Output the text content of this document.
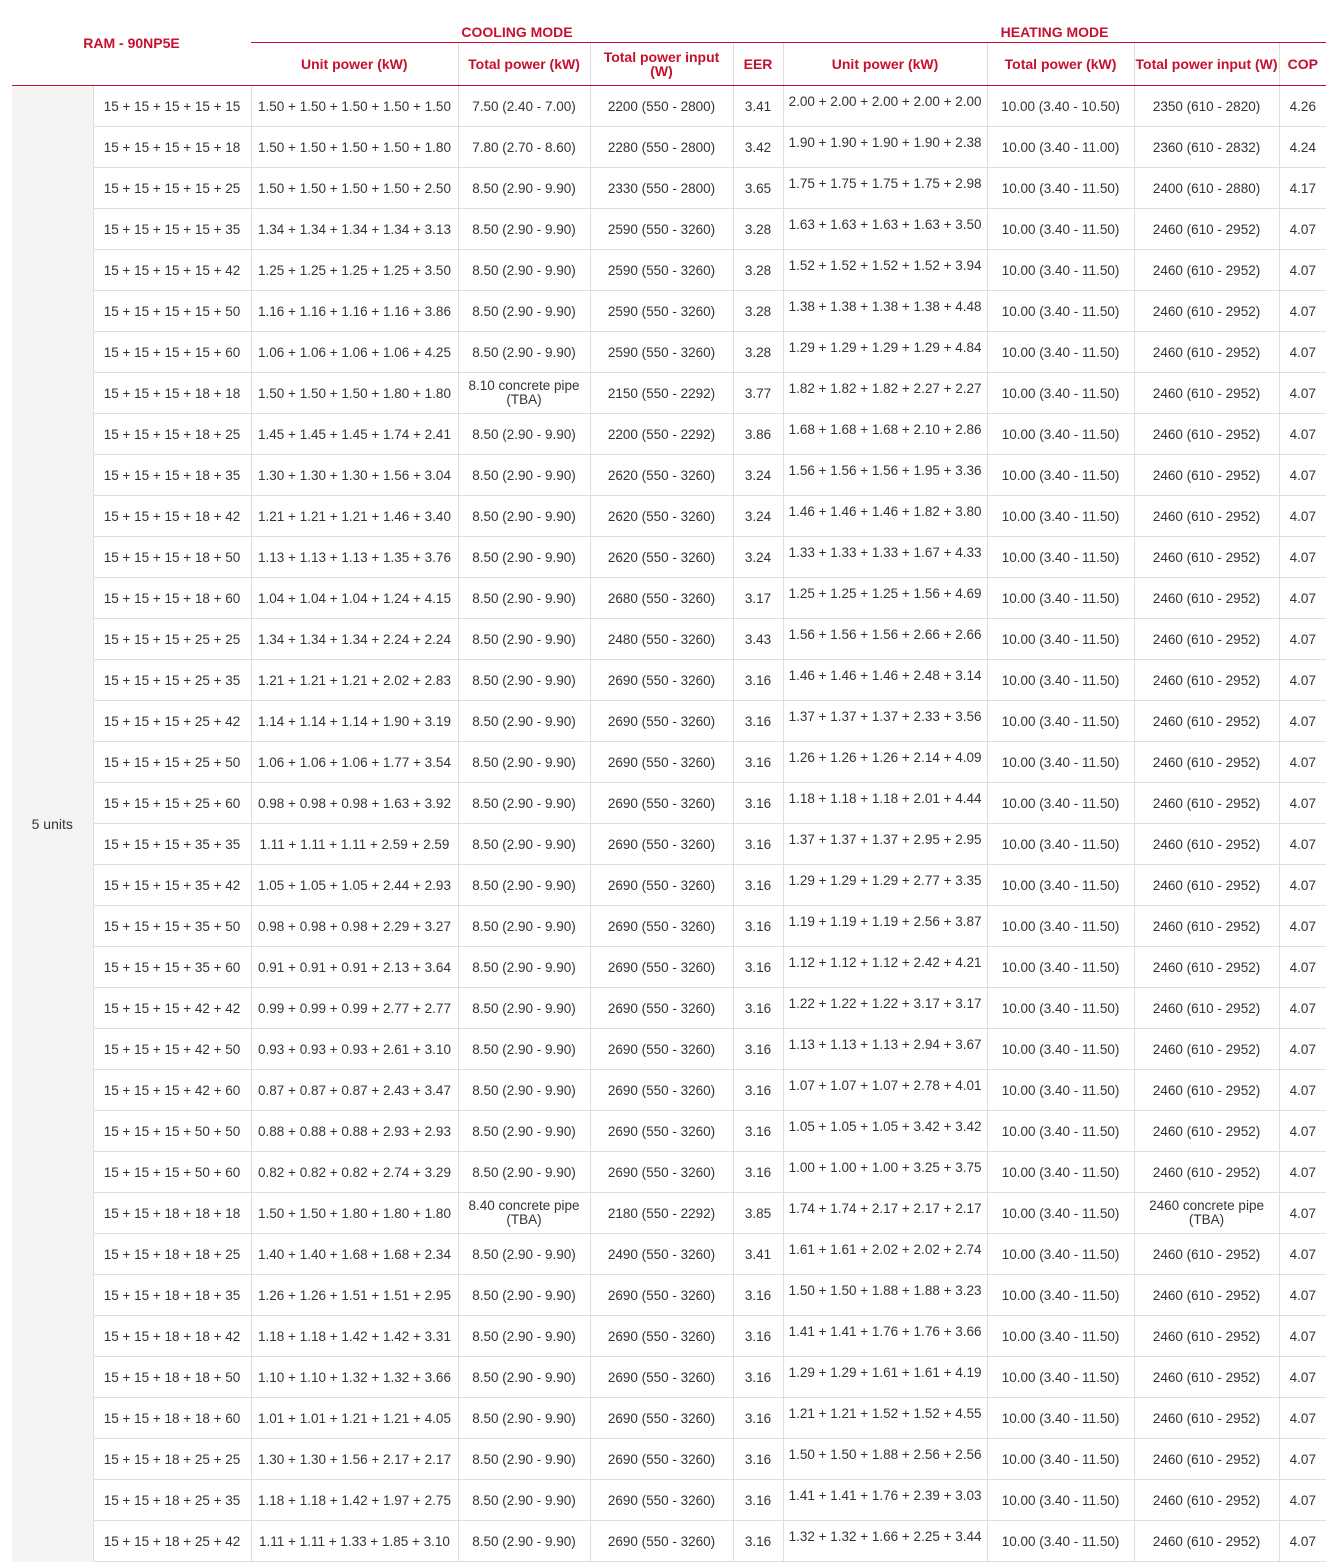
RAM - 90NP5E		COOLING MODE				HEATING MODE			
		Unit power (kW)	Total power (kW)	Total power input (W)	EER	Unit power (kW)	Total power (kW)	Total power input (W)	COP
5 units	15 + 15 + 15 + 15 + 15	1.50 + 1.50 + 1.50 + 1.50 + 1.50	7.50 (2.40 - 7.00)	2200 (550 - 2800)	3.41	2.00 + 2.00 + 2.00 + 2.00 + 2.00	10.00 (3.40 - 10.50)	2350 (610 - 2820)	4.26
	15 + 15 + 15 + 15 + 18	1.50 + 1.50 + 1.50 + 1.50 + 1.80	7.80 (2.70 - 8.60)	2280 (550 - 2800)	3.42	1.90 + 1.90 + 1.90 + 1.90 + 2.38	10.00 (3.40 - 11.00)	2360 (610 - 2832)	4.24
	15 + 15 + 15 + 15 + 25	1.50 + 1.50 + 1.50 + 1.50 + 2.50	8.50 (2.90 - 9.90)	2330 (550 - 2800)	3.65	1.75 + 1.75 + 1.75 + 1.75 + 2.98	10.00 (3.40 - 11.50)	2400 (610 - 2880)	4.17
	15 + 15 + 15 + 15 + 35	1.34 + 1.34 + 1.34 + 1.34 + 3.13	8.50 (2.90 - 9.90)	2590 (550 - 3260)	3.28	1.63 + 1.63 + 1.63 + 1.63 + 3.50	10.00 (3.40 - 11.50)	2460 (610 - 2952)	4.07
	15 + 15 + 15 + 15 + 42	1.25 + 1.25 + 1.25 + 1.25 + 3.50	8.50 (2.90 - 9.90)	2590 (550 - 3260)	3.28	1.52 + 1.52 + 1.52 + 1.52 + 3.94	10.00 (3.40 - 11.50)	2460 (610 - 2952)	4.07
	15 + 15 + 15 + 15 + 50	1.16 + 1.16 + 1.16 + 1.16 + 3.86	8.50 (2.90 - 9.90)	2590 (550 - 3260)	3.28	1.38 + 1.38 + 1.38 + 1.38 + 4.48	10.00 (3.40 - 11.50)	2460 (610 - 2952)	4.07
	15 + 15 + 15 + 15 + 60	1.06 + 1.06 + 1.06 + 1.06 + 4.25	8.50 (2.90 - 9.90)	2590 (550 - 3260)	3.28	1.29 + 1.29 + 1.29 + 1.29 + 4.84	10.00 (3.40 - 11.50)	2460 (610 - 2952)	4.07
	15 + 15 + 15 + 18 + 18	1.50 + 1.50 + 1.50 + 1.80 + 1.80	8.10 concrete pipe (TBA)	2150 (550 - 2292)	3.77	1.82 + 1.82 + 1.82 + 2.27 + 2.27	10.00 (3.40 - 11.50)	2460 (610 - 2952)	4.07
	15 + 15 + 15 + 18 + 25	1.45 + 1.45 + 1.45 + 1.74 + 2.41	8.50 (2.90 - 9.90)	2200 (550 - 2292)	3.86	1.68 + 1.68 + 1.68 + 2.10 + 2.86	10.00 (3.40 - 11.50)	2460 (610 - 2952)	4.07
	15 + 15 + 15 + 18 + 35	1.30 + 1.30 + 1.30 + 1.56 + 3.04	8.50 (2.90 - 9.90)	2620 (550 - 3260)	3.24	1.56 + 1.56 + 1.56 + 1.95 + 3.36	10.00 (3.40 - 11.50)	2460 (610 - 2952)	4.07
	15 + 15 + 15 + 18 + 42	1.21 + 1.21 + 1.21 + 1.46 + 3.40	8.50 (2.90 - 9.90)	2620 (550 - 3260)	3.24	1.46 + 1.46 + 1.46 + 1.82 + 3.80	10.00 (3.40 - 11.50)	2460 (610 - 2952)	4.07
	15 + 15 + 15 + 18 + 50	1.13 + 1.13 + 1.13 + 1.35 + 3.76	8.50 (2.90 - 9.90)	2620 (550 - 3260)	3.24	1.33 + 1.33 + 1.33 + 1.67 + 4.33	10.00 (3.40 - 11.50)	2460 (610 - 2952)	4.07
	15 + 15 + 15 + 18 + 60	1.04 + 1.04 + 1.04 + 1.24 + 4.15	8.50 (2.90 - 9.90)	2680 (550 - 3260)	3.17	1.25 + 1.25 + 1.25 + 1.56 + 4.69	10.00 (3.40 - 11.50)	2460 (610 - 2952)	4.07
	15 + 15 + 15 + 25 + 25	1.34 + 1.34 + 1.34 + 2.24 + 2.24	8.50 (2.90 - 9.90)	2480 (550 - 3260)	3.43	1.56 + 1.56 + 1.56 + 2.66 + 2.66	10.00 (3.40 - 11.50)	2460 (610 - 2952)	4.07
	15 + 15 + 15 + 25 + 35	1.21 + 1.21 + 1.21 + 2.02 + 2.83	8.50 (2.90 - 9.90)	2690 (550 - 3260)	3.16	1.46 + 1.46 + 1.46 + 2.48 + 3.14	10.00 (3.40 - 11.50)	2460 (610 - 2952)	4.07
	15 + 15 + 15 + 25 + 42	1.14 + 1.14 + 1.14 + 1.90 + 3.19	8.50 (2.90 - 9.90)	2690 (550 - 3260)	3.16	1.37 + 1.37 + 1.37 + 2.33 + 3.56	10.00 (3.40 - 11.50)	2460 (610 - 2952)	4.07
	15 + 15 + 15 + 25 + 50	1.06 + 1.06 + 1.06 + 1.77 + 3.54	8.50 (2.90 - 9.90)	2690 (550 - 3260)	3.16	1.26 + 1.26 + 1.26 + 2.14 + 4.09	10.00 (3.40 - 11.50)	2460 (610 - 2952)	4.07
	15 + 15 + 15 + 25 + 60	0.98 + 0.98 + 0.98 + 1.63 + 3.92	8.50 (2.90 - 9.90)	2690 (550 - 3260)	3.16	1.18 + 1.18 + 1.18 + 2.01 + 4.44	10.00 (3.40 - 11.50)	2460 (610 - 2952)	4.07
	15 + 15 + 15 + 35 + 35	1.11 + 1.11 + 1.11 + 2.59 + 2.59	8.50 (2.90 - 9.90)	2690 (550 - 3260)	3.16	1.37 + 1.37 + 1.37 + 2.95 + 2.95	10.00 (3.40 - 11.50)	2460 (610 - 2952)	4.07
	15 + 15 + 15 + 35 + 42	1.05 + 1.05 + 1.05 + 2.44 + 2.93	8.50 (2.90 - 9.90)	2690 (550 - 3260)	3.16	1.29 + 1.29 + 1.29 + 2.77 + 3.35	10.00 (3.40 - 11.50)	2460 (610 - 2952)	4.07
	15 + 15 + 15 + 35 + 50	0.98 + 0.98 + 0.98 + 2.29 + 3.27	8.50 (2.90 - 9.90)	2690 (550 - 3260)	3.16	1.19 + 1.19 + 1.19 + 2.56 + 3.87	10.00 (3.40 - 11.50)	2460 (610 - 2952)	4.07
	15 + 15 + 15 + 35 + 60	0.91 + 0.91 + 0.91 + 2.13 + 3.64	8.50 (2.90 - 9.90)	2690 (550 - 3260)	3.16	1.12 + 1.12 + 1.12 + 2.42 + 4.21	10.00 (3.40 - 11.50)	2460 (610 - 2952)	4.07
	15 + 15 + 15 + 42 + 42	0.99 + 0.99 + 0.99 + 2.77 + 2.77	8.50 (2.90 - 9.90)	2690 (550 - 3260)	3.16	1.22 + 1.22 + 1.22 + 3.17 + 3.17	10.00 (3.40 - 11.50)	2460 (610 - 2952)	4.07
	15 + 15 + 15 + 42 + 50	0.93 + 0.93 + 0.93 + 2.61 + 3.10	8.50 (2.90 - 9.90)	2690 (550 - 3260)	3.16	1.13 + 1.13 + 1.13 + 2.94 + 3.67	10.00 (3.40 - 11.50)	2460 (610 - 2952)	4.07
	15 + 15 + 15 + 42 + 60	0.87 + 0.87 + 0.87 + 2.43 + 3.47	8.50 (2.90 - 9.90)	2690 (550 - 3260)	3.16	1.07 + 1.07 + 1.07 + 2.78 + 4.01	10.00 (3.40 - 11.50)	2460 (610 - 2952)	4.07
	15 + 15 + 15 + 50 + 50	0.88 + 0.88 + 0.88 + 2.93 + 2.93	8.50 (2.90 - 9.90)	2690 (550 - 3260)	3.16	1.05 + 1.05 + 1.05 + 3.42 + 3.42	10.00 (3.40 - 11.50)	2460 (610 - 2952)	4.07
	15 + 15 + 15 + 50 + 60	0.82 + 0.82 + 0.82 + 2.74 + 3.29	8.50 (2.90 - 9.90)	2690 (550 - 3260)	3.16	1.00 + 1.00 + 1.00 + 3.25 + 3.75	10.00 (3.40 - 11.50)	2460 (610 - 2952)	4.07
	15 + 15 + 18 + 18 + 18	1.50 + 1.50 + 1.80 + 1.80 + 1.80	8.40 concrete pipe (TBA)	2180 (550 - 2292)	3.85	1.74 + 1.74 + 2.17 + 2.17 + 2.17	10.00 (3.40 - 11.50)	2460 concrete pipe (TBA)	4.07
	15 + 15 + 18 + 18 + 25	1.40 + 1.40 + 1.68 + 1.68 + 2.34	8.50 (2.90 - 9.90)	2490 (550 - 3260)	3.41	1.61 + 1.61 + 2.02 + 2.02 + 2.74	10.00 (3.40 - 11.50)	2460 (610 - 2952)	4.07
	15 + 15 + 18 + 18 + 35	1.26 + 1.26 + 1.51 + 1.51 + 2.95	8.50 (2.90 - 9.90)	2690 (550 - 3260)	3.16	1.50 + 1.50 + 1.88 + 1.88 + 3.23	10.00 (3.40 - 11.50)	2460 (610 - 2952)	4.07
	15 + 15 + 18 + 18 + 42	1.18 + 1.18 + 1.42 + 1.42 + 3.31	8.50 (2.90 - 9.90)	2690 (550 - 3260)	3.16	1.41 + 1.41 + 1.76 + 1.76 + 3.66	10.00 (3.40 - 11.50)	2460 (610 - 2952)	4.07
	15 + 15 + 18 + 18 + 50	1.10 + 1.10 + 1.32 + 1.32 + 3.66	8.50 (2.90 - 9.90)	2690 (550 - 3260)	3.16	1.29 + 1.29 + 1.61 + 1.61 + 4.19	10.00 (3.40 - 11.50)	2460 (610 - 2952)	4.07
	15 + 15 + 18 + 18 + 60	1.01 + 1.01 + 1.21 + 1.21 + 4.05	8.50 (2.90 - 9.90)	2690 (550 - 3260)	3.16	1.21 + 1.21 + 1.52 + 1.52 + 4.55	10.00 (3.40 - 11.50)	2460 (610 - 2952)	4.07
	15 + 15 + 18 + 25 + 25	1.30 + 1.30 + 1.56 + 2.17 + 2.17	8.50 (2.90 - 9.90)	2690 (550 - 3260)	3.16	1.50 + 1.50 + 1.88 + 2.56 + 2.56	10.00 (3.40 - 11.50)	2460 (610 - 2952)	4.07
	15 + 15 + 18 + 25 + 35	1.18 + 1.18 + 1.42 + 1.97 + 2.75	8.50 (2.90 - 9.90)	2690 (550 - 3260)	3.16	1.41 + 1.41 + 1.76 + 2.39 + 3.03	10.00 (3.40 - 11.50)	2460 (610 - 2952)	4.07
	15 + 15 + 18 + 25 + 42	1.11 + 1.11 + 1.33 + 1.85 + 3.10	8.50 (2.90 - 9.90)	2690 (550 - 3260)	3.16	1.32 + 1.32 + 1.66 + 2.25 + 3.44	10.00 (3.40 - 11.50)	2460 (610 - 2952)	4.07
